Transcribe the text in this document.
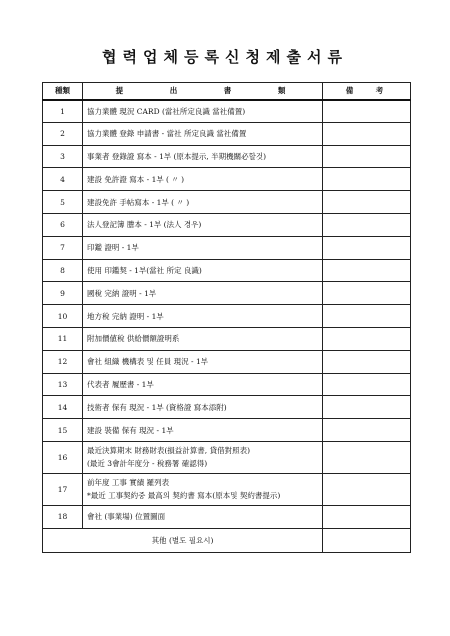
협력업체등록신청제출서류
種類	提 出 書 類	備 考
1	協力業體 現況 CARD (當社所定良識 當社備置)	

2	協力業體 登錄 申請書 - 當社 所定良識 當社備置	

3	事業者 登錄證 寫本 - 1부 (原本提示, 半期機關必할것)	

4	建設 免許證 寫本 - 1부 ( 〃 )	

5	建設免許 手帖寫本 - 1부 ( 〃 )	

6	法人登記簿 謄本 - 1부 (法人 경우)	

7	印鑑 證明 - 1부	

8	使用 印鑑契 - 1부(當社 所定 良識)	

9	國稅 完納 證明 - 1부	

10	地方稅 完納 證明 - 1부	

11	附加價値稅 供給價額證明系	

12	會社 組織 機構表 및 任員 現況 - 1부	

13	代表者 履歷書 - 1부	

14	技術者 保有 現況 - 1부 (資格證 寫本添附)	

15	建設 裝備 保有 現況 - 1부	

16	最近決算期末 財務財表(損益計算書, 貸借對照表)
(最近 3會計年度分 - 稅務署 確認得)	

17	前年度 工事 實績 羅列表
*最近 工事契約중 最高의 契約書 寫本(原本및 契約書提示)	

18	會社 (事業場) 位置圖面	

其他 (별도 필요시)		
